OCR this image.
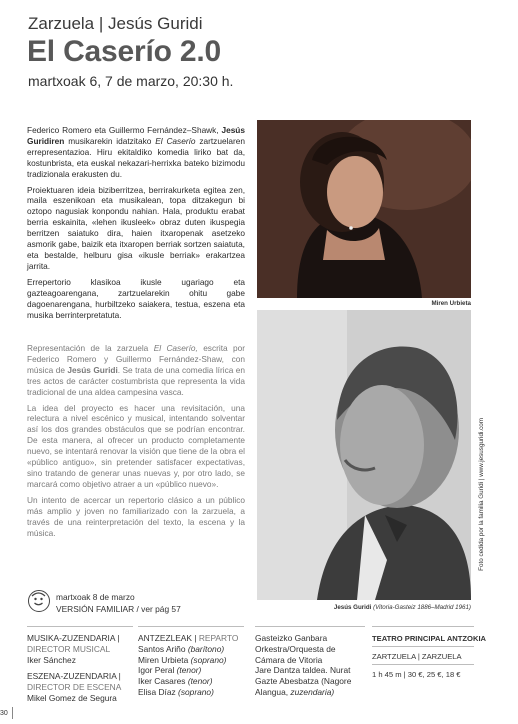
Zarzuela | Jesús Guridi
El Caserío 2.0
martxoak 6, 7 de marzo, 20:30 h.

Federico Romero eta Guillermo Fernández–Shawk, Jesús Guridiren musikarekin idatzitako El Caserío zartzuelaren errepresentazioa. Hiru ekitaldiko komedia liriko bat da, kostunbrista, eta euskal nekazari-herrixka bateko bizimodu tradizionala erakusten du.

Proiektuaren ideia biziberritzea, berrirakurketa egitea zen, maila eszenikoan eta musikalean, topa ditzakegun bi oztopo nagusiak konpondu nahian. Hala, produktu erabat berria eskainita, «lehen ikusleek» obraz duten ikuspegia berritzen saiatuko dira, haien itxaropenak asetzeko asmorik gabe, baizik eta itxaropen berriak sortzen saiatuta, eta bestalde, helburu gisa «ikusle berriak» erakartzea jarrita.

Errepertorio klasikoa ikusle ugariago eta gazteagoarengana, zartzuelarekin ohitu gabe dagoenarengana, hurbiltzeko saiakera, testua, eszena eta musika berrinterpretatuta.

Representación de la zarzuela El Caserío, escrita por Federico Romero y Guillermo Fernández-Shaw, con música de Jesús Guridi. Se trata de una comedia lírica en tres actos de carácter costumbrista que representa la vida tradicional de una aldea campesina vasca.

La idea del proyecto es hacer una revisitación, una relectura a nivel escénico y musical, intentando solventar así los dos grandes obstáculos que se podrían encontrar. De esta manera, al ofrecer un producto completamente nuevo, se intentará renovar la visión que tiene de la obra el «público antiguo», sin pretender satisfacer expectativas, sino tratando de generar unas nuevas y, por otro lado, se marcará como objetivo atraer a un «público nuevo».

Un intento de acercar un repertorio clásico a un público más amplio y joven no familiarizado con la zarzuela, a través de una reinterpretación del texto, la escena y la música.

Miren Urbieta
Jesús Guridi (Vitoria-Gasteiz 1886–Madrid 1961)
Foto cedida por la familia Guridi | www.jesusguridi.com
martxoak 8 de marzo
VERSIÓN FAMILIAR / ver pág 57
MUSIKA-ZUZENDARIA |
DIRECTOR MUSICAL
Iker Sánchez
ESZENA-ZUZENDARIA |
DIRECTOR DE ESCENA
Mikel Gomez de Segura
ANTZEZLEAK | REPARTO
Santos Ariño (barítono)
Miren Urbieta (soprano)
Igor Peral (tenor)
Iker Casares (tenor)
Elisa Díaz (soprano)
Gasteizko Ganbara
Orkestra/Orquesta de
Cámara de Vitoria
Jare Dantza taldea. Nurat
Gazte Abesbatza (Nagore
Alangua, zuzendaria)
TEATRO PRINCIPAL ANTZOKIA
ZARTZUELA | ZARZUELA
1 h 45 m | 30 €, 25 €, 18 €
30
